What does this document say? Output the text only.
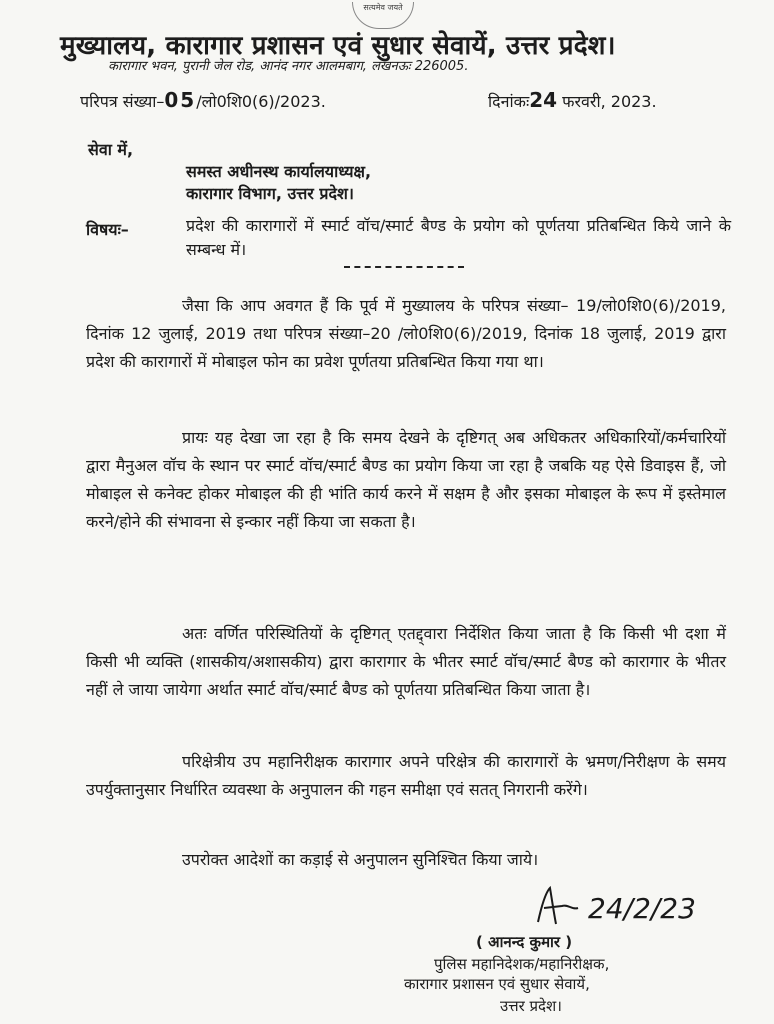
सत्यमेव जयते
मुख्यालय, कारागार प्रशासन एवं सुधार सेवायें, उत्तर प्रदेश।
कारागार भवन, पुरानी जेल रोड, आनंद नगर आलमबाग, लखनऊः 226005.
परिपत्र संख्या–05/लो0शि0(6)/2023.	दिनांकः24 फरवरी, 2023.
सेवा में,
समस्त अधीनस्थ कार्यालयाध्यक्ष,
कारागार विभाग, उत्तर प्रदेश।
विषयः–	प्रदेश की कारागारों में स्मार्ट वॉच/स्मार्ट बैण्ड के प्रयोग को पूर्णतया प्रतिबन्धित किये जाने के सम्बन्ध में।
जैसा कि आप अवगत हैं कि पूर्व में मुख्यालय के परिपत्र संख्या– 19/लो0शि0(6)/2019, दिनांक 12 जुलाई, 2019 तथा परिपत्र संख्या–20 /लो0शि0(6)/2019, दिनांक 18 जुलाई, 2019 द्वारा प्रदेश की कारागारों में मोबाइल फोन का प्रवेश पूर्णतया प्रतिबन्धित किया गया था।
प्रायः यह देखा जा रहा है कि समय देखने के दृष्टिगत् अब अधिकतर अधिकारियों/कर्मचारियों द्वारा मैनुअल वॉच के स्थान पर स्मार्ट वॉच/स्मार्ट बैण्ड का प्रयोग किया जा रहा है जबकि यह ऐसे डिवाइस हैं, जो मोबाइल से कनेक्ट होकर मोबाइल की ही भांति कार्य करने में सक्षम है और इसका मोबाइल के रूप में इस्तेमाल करने/होने की संभावना से इन्कार नहीं किया जा सकता है।
अतः वर्णित परिस्थितियों के दृष्टिगत् एतद्द्वारा निर्देशित किया जाता है कि किसी भी दशा में किसी भी व्यक्ति (शासकीय/अशासकीय) द्वारा कारागार के भीतर स्मार्ट वॉच/स्मार्ट बैण्ड को कारागार के भीतर नहीं ले जाया जायेगा अर्थात स्मार्ट वॉच/स्मार्ट बैण्ड को पूर्णतया प्रतिबन्धित किया जाता है।
परिक्षेत्रीय उप महानिरीक्षक कारागार अपने परिक्षेत्र की कारागारों के भ्रमण/निरीक्षण के समय उपर्युक्तानुसार निर्धारित व्यवस्था के अनुपालन की गहन समीक्षा एवं सतत् निगरानी करेंगे।
उपरोक्त आदेशों का कड़ाई से अनुपालन सुनिश्चित किया जाये।
24/2/23
( आनन्द कुमार )
पुलिस महानिदेशक/महानिरीक्षक,
कारागार प्रशासन एवं सुधार सेवायें,
उत्तर प्रदेश।
